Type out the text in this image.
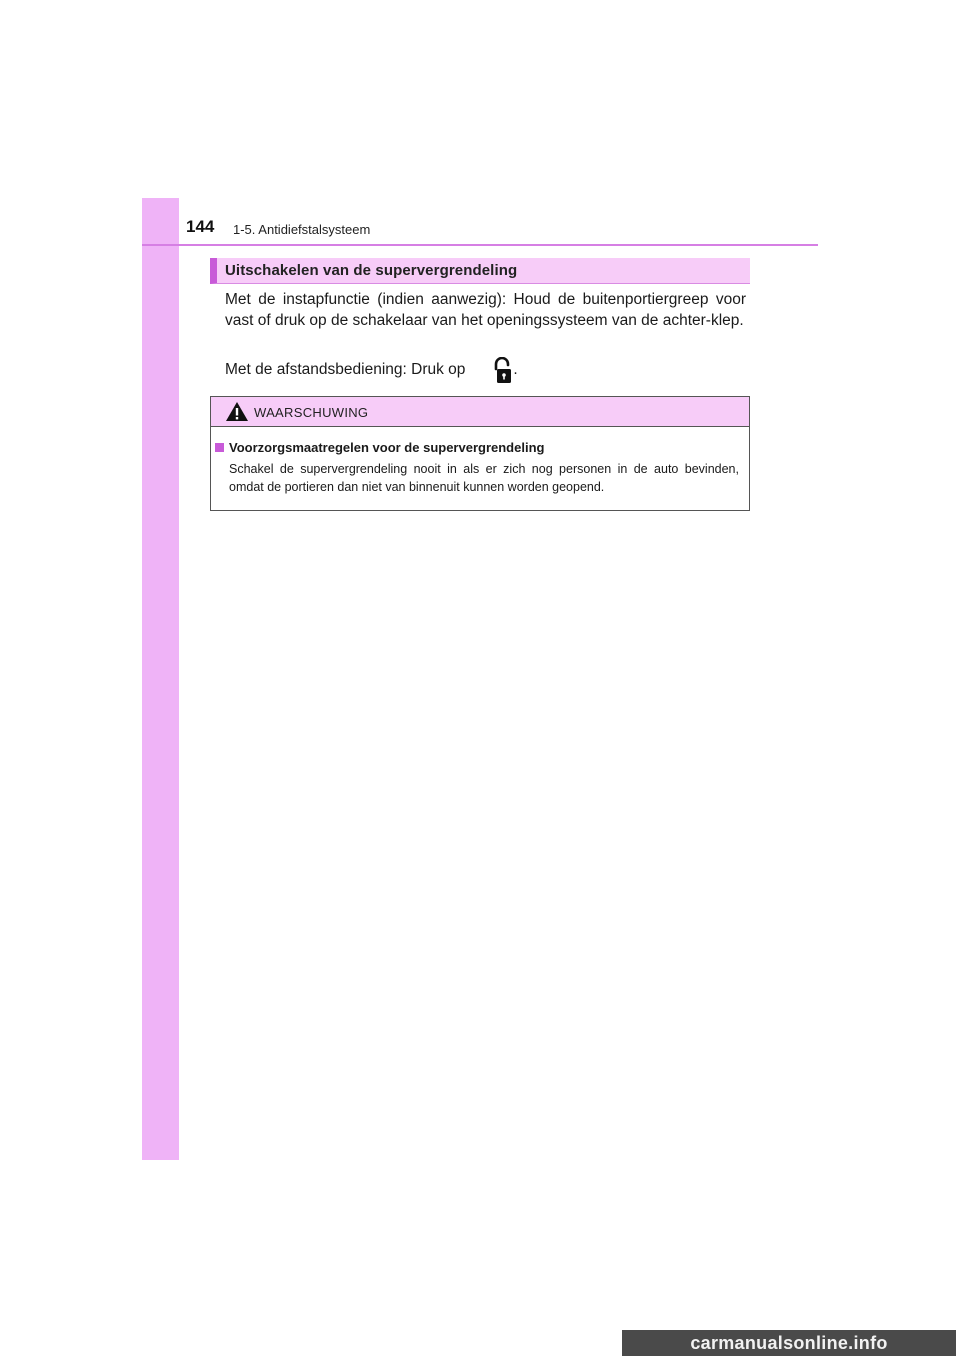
144 1-5. Antidiefstalsysteem
Uitschakelen van de supervergrendeling

Met de instapfunctie (indien aanwezig): Houd de buitenportiergreep voor vast of druk op de schakelaar van het openingssysteem van de achter-klep.

Met de afstandsbediening: Druk op	.

WAARSCHUWING
Voorzorgsmaatregelen voor de supervergrendeling

Schakel de supervergrendeling nooit in als er zich nog personen in de auto bevinden, omdat de portieren dan niet van binnenuit kunnen worden geopend.

carmanualsonline.info
